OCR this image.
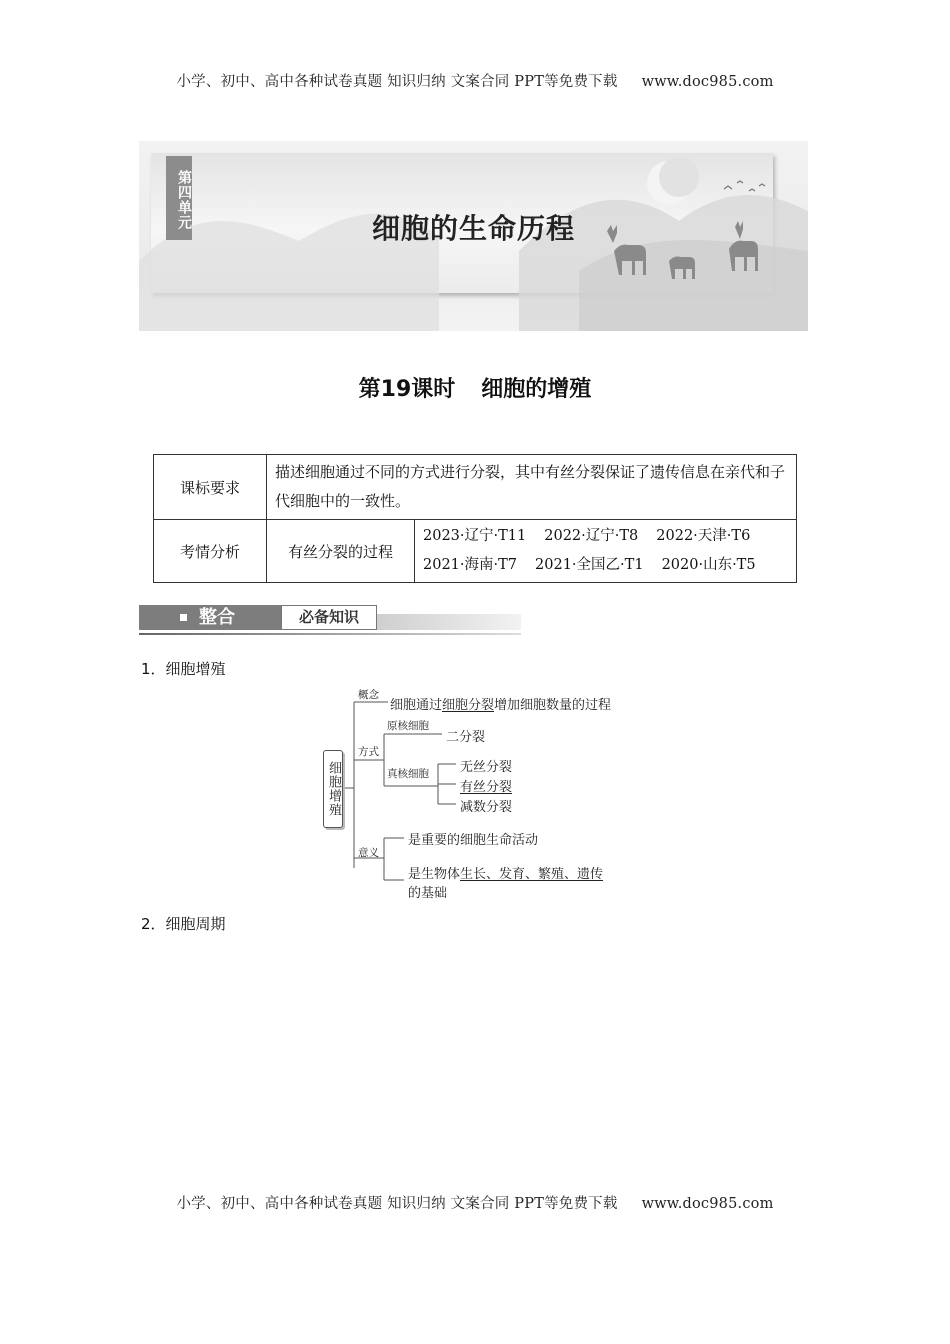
小学、初中、高中各种试卷真题 知识归纳 文案合同 PPT等免费下载 www.doc985.com
第四单元	细胞的生命历程
第19课时 细胞的增殖
课标要求	描述细胞通过不同的方式进行分裂，其中有丝分裂保证了遗传信息在亲代和子代细胞中的一致性。	
考情分析	有丝分裂的过程	2023·辽宁·T11 2022·辽宁·T8 2022·天津·T6
2021·海南·T7 2021·全国乙·T1 2020·山东·T5
整合	必备知识
1．细胞增殖
细胞增殖
概念
细胞通过细胞分裂增加细胞数量的过程
方式
原核细胞
二分裂
真核细胞 无丝分裂
有丝分裂
减数分裂
意义
是重要的细胞生命活动
是生物体生长、发育、繁殖、遗传
的基础
2．细胞周期
小学、初中、高中各种试卷真题 知识归纳 文案合同 PPT等免费下载 www.doc985.com
